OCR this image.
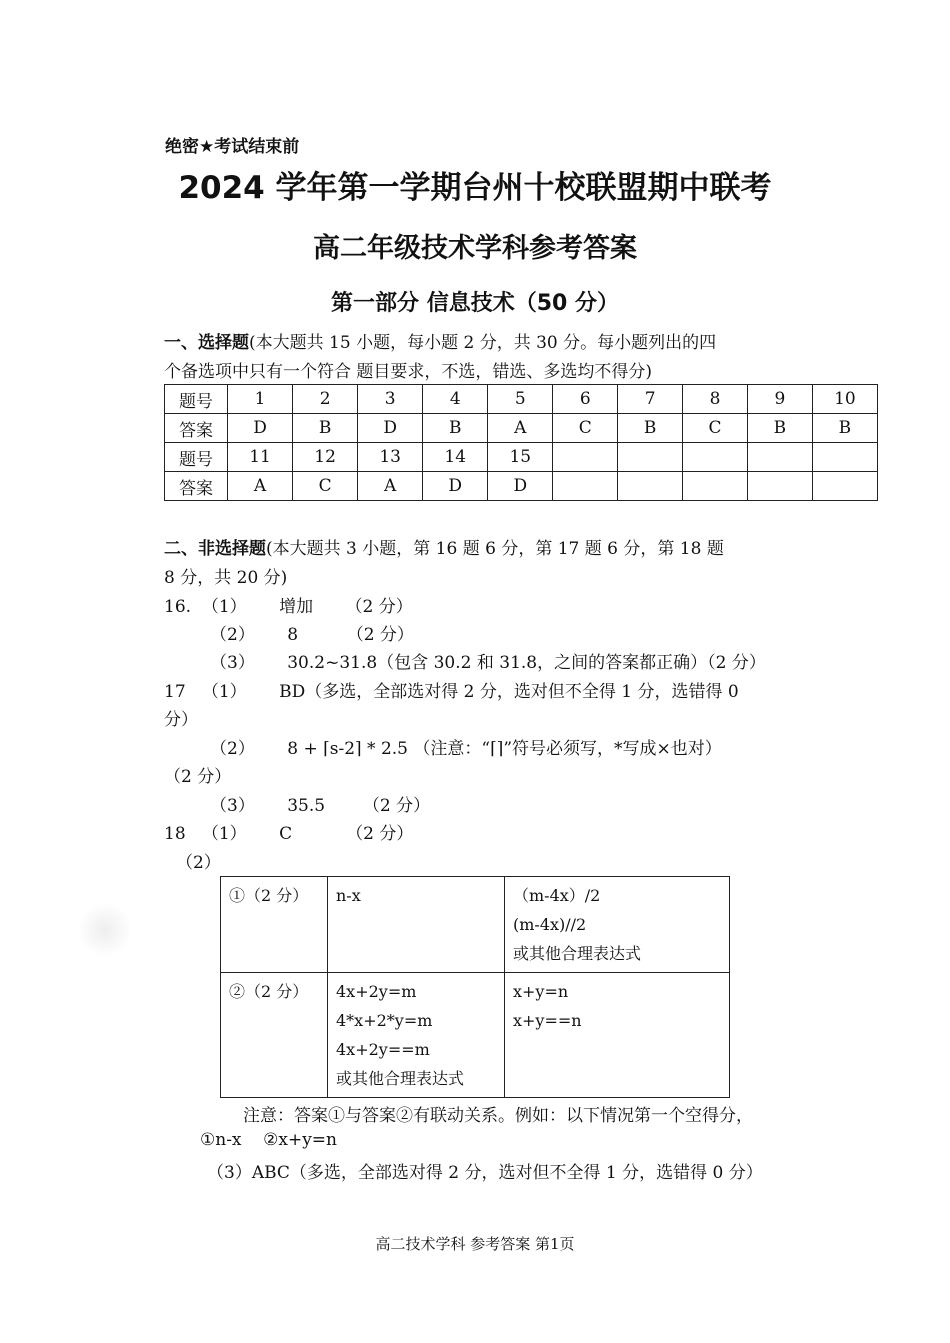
绝密★考试结束前
2024 学年第一学期台州十校联盟期中联考
高二年级技术学科参考答案
第一部分 信息技术（50 分）
一、选择题(本大题共 15 小题，每小题 2 分，共 30 分。每小题列出的四
个备选项中只有一个符合 题目要求，不选，错选、多选均不得分)
题号	1	2	3	4	5	6	7	8	9	10
答案	D	B	D	B	A	C	B	C	B	B
题号	11	12	13	14	15					
答案	A	C	A	D	D					
二、非选择题(本大题共 3 小题，第 16 题 6 分，第 17 题 6 分，第 18 题
8 分，共 20 分)
16.  （1）      增加      （2 分）
（2）      8         （2 分）
（3）      30.2~31.8（包含 30.2 和 31.8，之间的答案都正确）（2 分）
17   （1）      BD（多选，全部选对得 2 分，选对但不全得 1 分，选错得 0
分）
（2）      8 + ⌈s-2⌉ * 2.5 （注意：“⌈⌉”符号必须写，*写成×也对）
（2 分）
（3）      35.5       （2 分）
18   （1）      C          （2 分）
（2）
①（2 分）	n-x	（m-4x）/2
(m-4x)//2
或其他合理表达式

②（2 分）	4x+2y=m
4*x+2*y=m
4x+2y==m
或其他合理表达式	x+y=n
x+y==n
注意：答案①与答案②有联动关系。例如：以下情况第一个空得分，
①n-x    ②x+y=n
（3）ABC（多选，全部选对得 2 分，选对但不全得 1 分，选错得 0 分）
高二技术学科 参考答案 第1页
